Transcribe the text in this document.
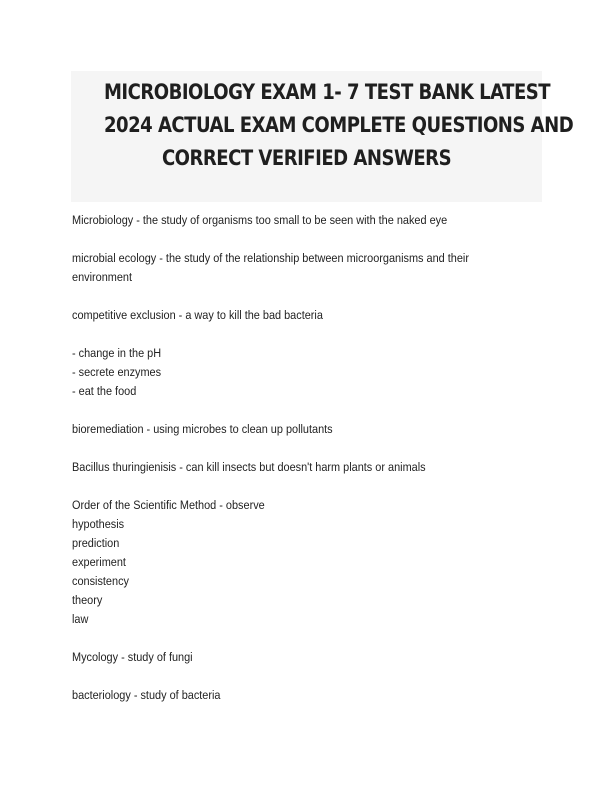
MICROBIOLOGY EXAM 1- 7 TEST BANK LATEST
2024 ACTUAL EXAM COMPLETE QUESTIONS AND
CORRECT VERIFIED ANSWERS
Microbiology - the study of organisms too small to be seen with the naked eye
microbial ecology - the study of the relationship between microorganisms and their
environment
competitive exclusion - a way to kill the bad bacteria
- change in the pH
- secrete enzymes
- eat the food
bioremediation - using microbes to clean up pollutants
Bacillus thuringienisis - can kill insects but doesn't harm plants or animals
Order of the Scientific Method - observe
hypothesis
prediction
experiment
consistency
theory
law
Mycology - study of fungi
bacteriology - study of bacteria
